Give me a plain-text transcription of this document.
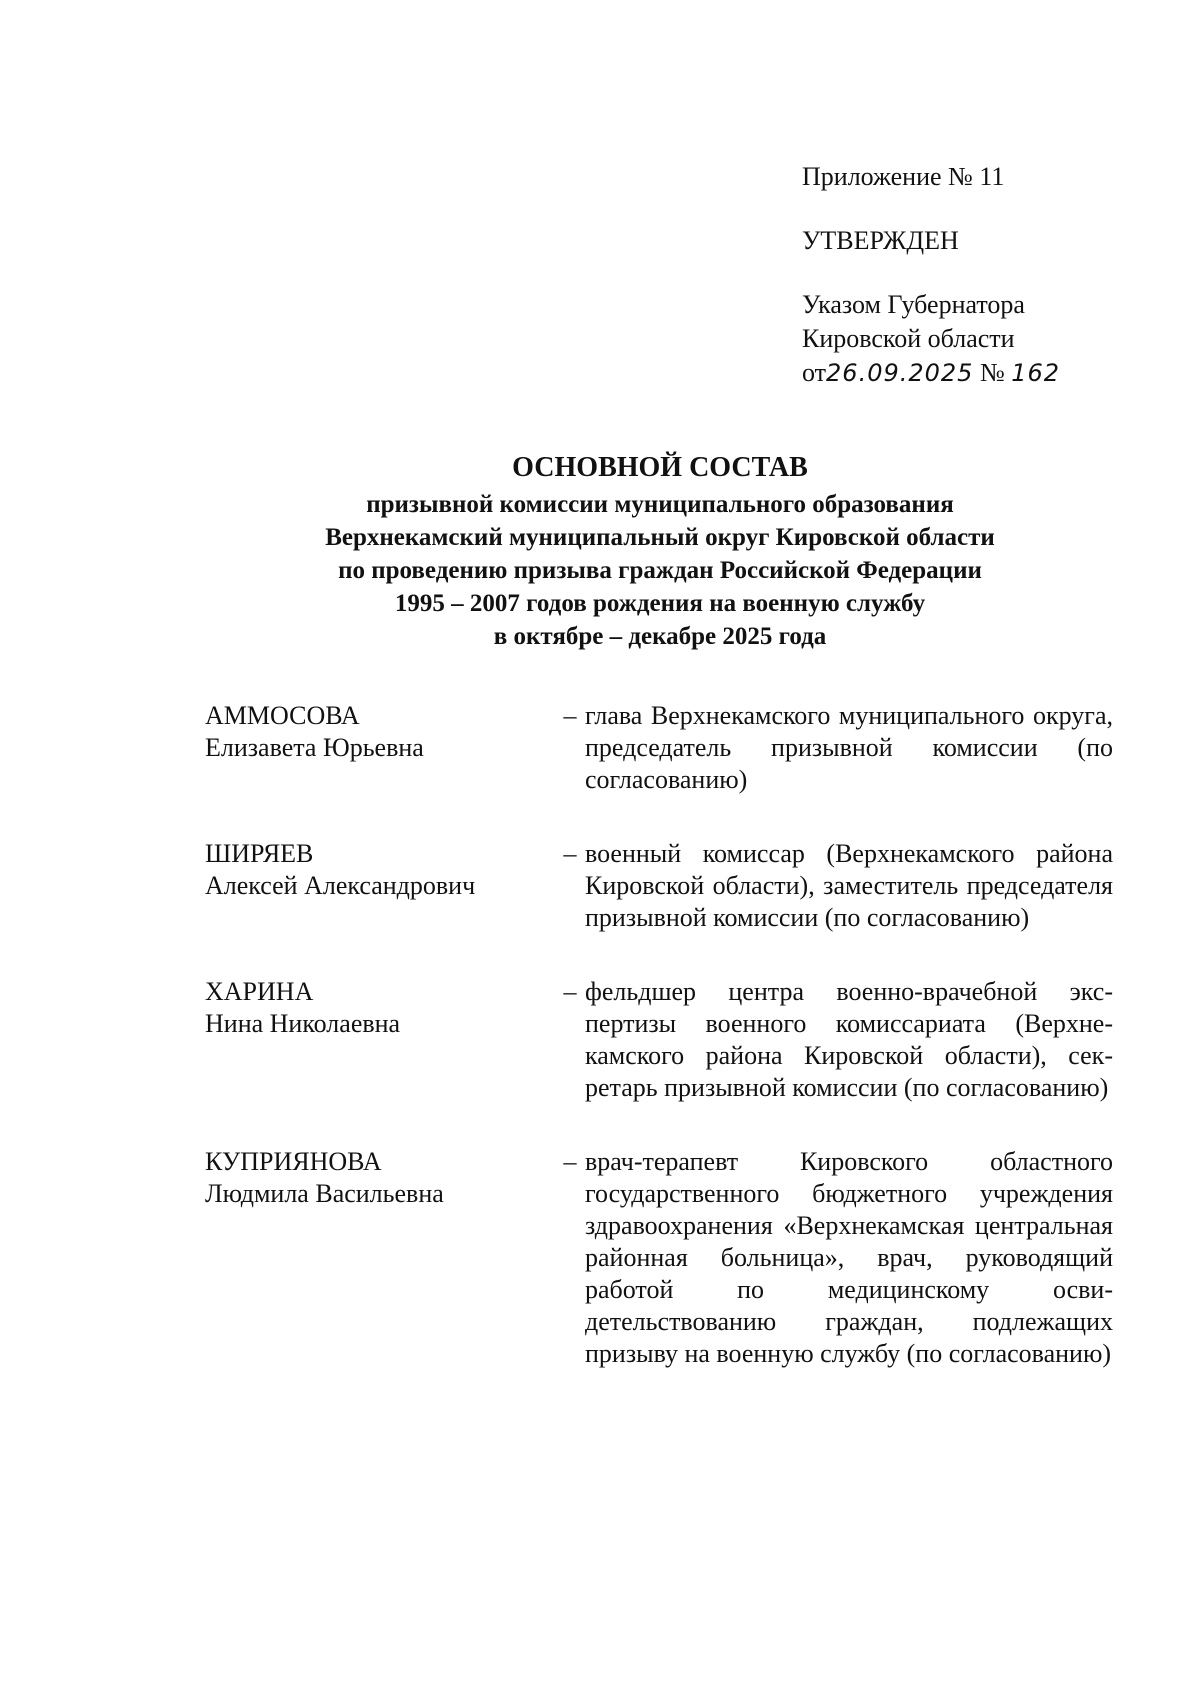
Приложение № 11

УТВЕРЖДЕН

Указом Губернатора
Кировской области
от26.09.2025 № 162

ОСНОВНОЙ СОСТАВ

призывной комиссии муниципального образования

Верхнекамский муниципальный округ Кировской области

по проведению призыва граждан Российской Федерации

1995 – 2007 годов рождения на военную службу

в октябре – декабре 2025 года

АММОСОВА
Елизавета Юрьевна
– глава Верхнекамского муниципального округа, председатель призывной комиссии (по согласованию)
ШИРЯЕВ
Алексей Александрович
– военный комиссар (Верхнекамского района Кировской области), заместитель председателя призывной комиссии (по согласованию)
ХАРИНА
Нина Николаевна
– фельдшер центра военно-врачебной экспертизы военного комиссариата (Верхнекамского района Кировской области), секретарь призывной комиссии (по согласованию)
КУПРИЯНОВА
Людмила Васильевна
– врач-терапевт Кировского областного государственного бюджетного учреждения здравоохранения «Верхнекамская центральная районная больница», врач, руководящий работой по медицинскому освидетельствованию граждан, подлежащих призыву на военную службу (по согласованию)
